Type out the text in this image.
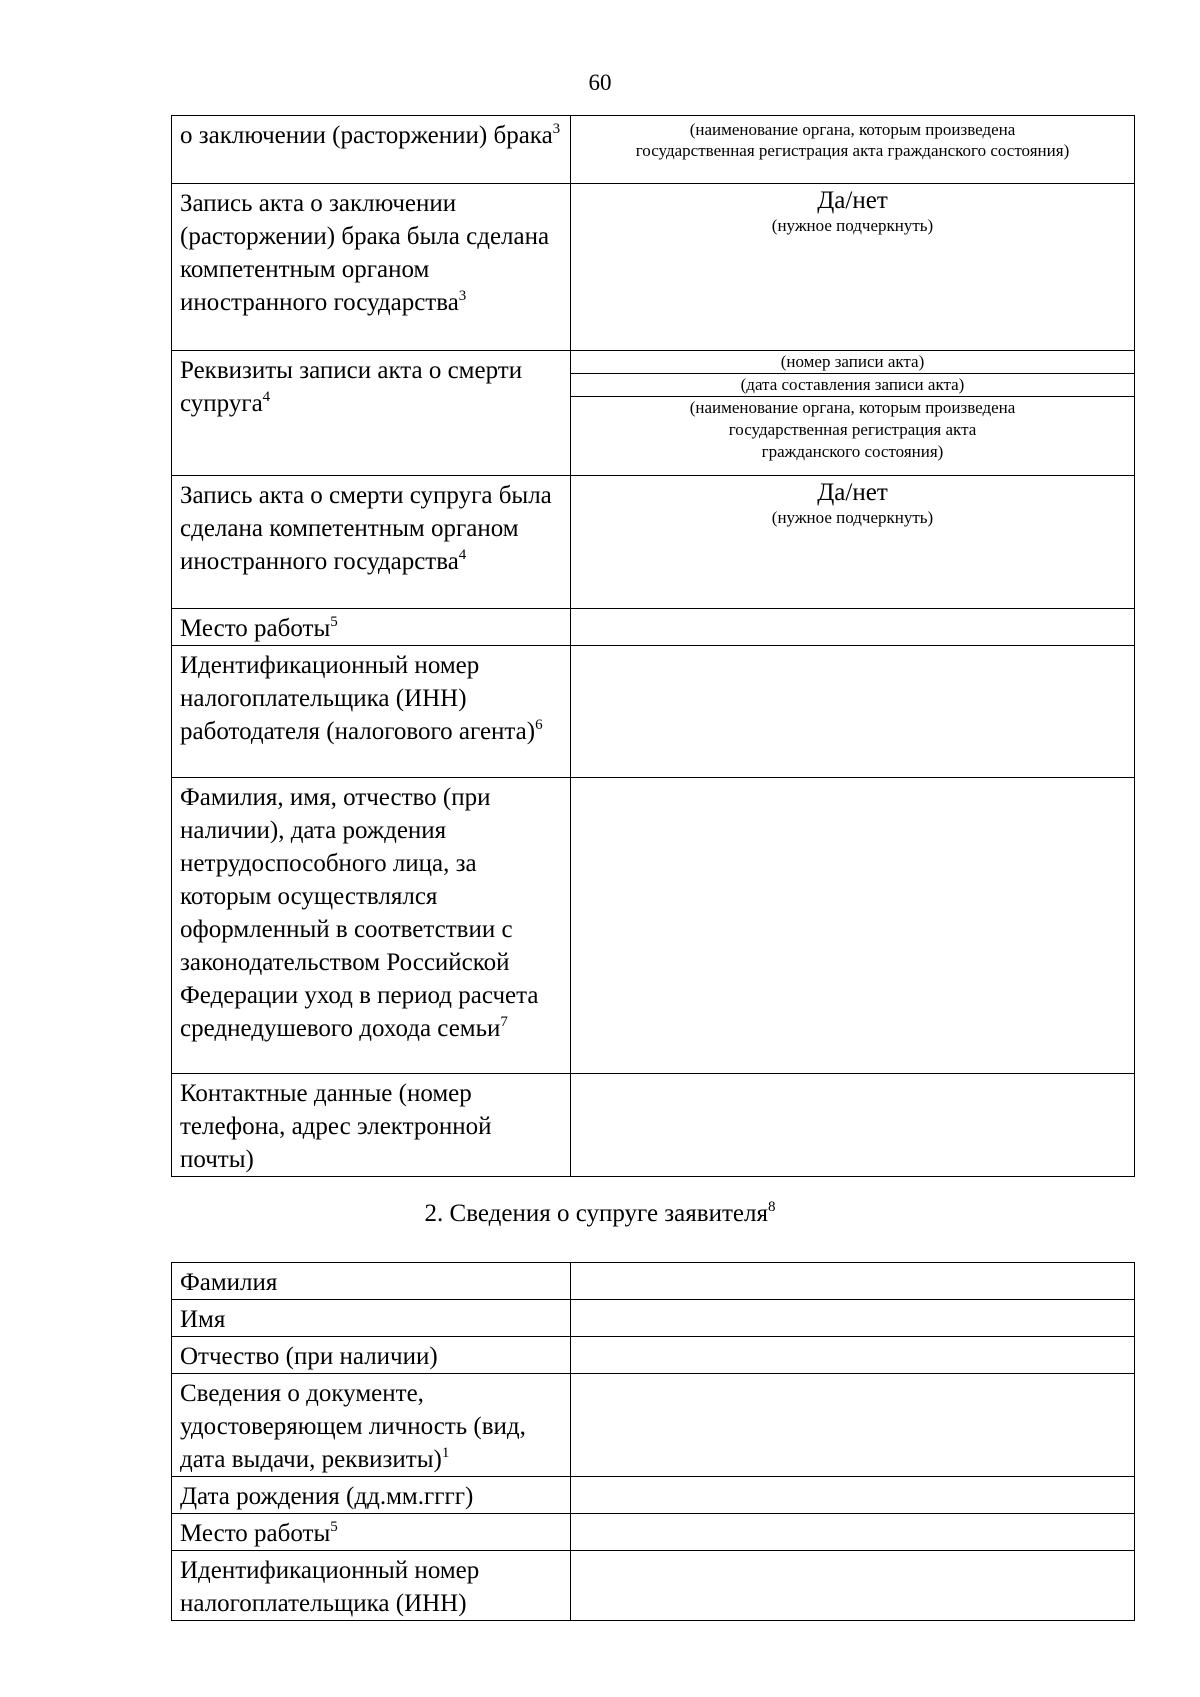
60
о заключении (расторжении) брака$^3$	(наименование органа, которым произведена
государственная регистрация акта гражданского состояния)

Запись акта о заключении (расторжении) брака была сделана компетентным органом иностранного государства$^3$	Да/нет
(нужное подчеркнуть)

Реквизиты записи акта о смерти супруга$^4$	(номер записи акта)
(дата составления записи акта)
(наименование органа, которым произведена
государственная регистрация акта
гражданского состояния)

Запись акта о смерти супруга была сделана компетентным органом иностранного государства$^4$	Да/нет
(нужное подчеркнуть)

Место работы$^5$	
Идентификационный номер налогоплательщика (ИНН) работодателя (налогового агента)$^6$	
Фамилия, имя, отчество (при наличии), дата рождения нетрудоспособного лица, за которым осуществлялся оформленный в соответствии с законодательством Российской Федерации уход в период расчета среднедушевого дохода семьи$^7$	
Контактные данные (номер телефона, адрес электронной почты)	
2. Сведения о супруге заявителя$^8$
Фамилия	
Имя	
Отчество (при наличии)	
Сведения о документе, удостоверяющем личность (вид, дата выдачи, реквизиты)$^1$	
Дата рождения (дд.мм.гггг)	
Место работы$^5$	
Идентификационный номер налогоплательщика (ИНН)	
